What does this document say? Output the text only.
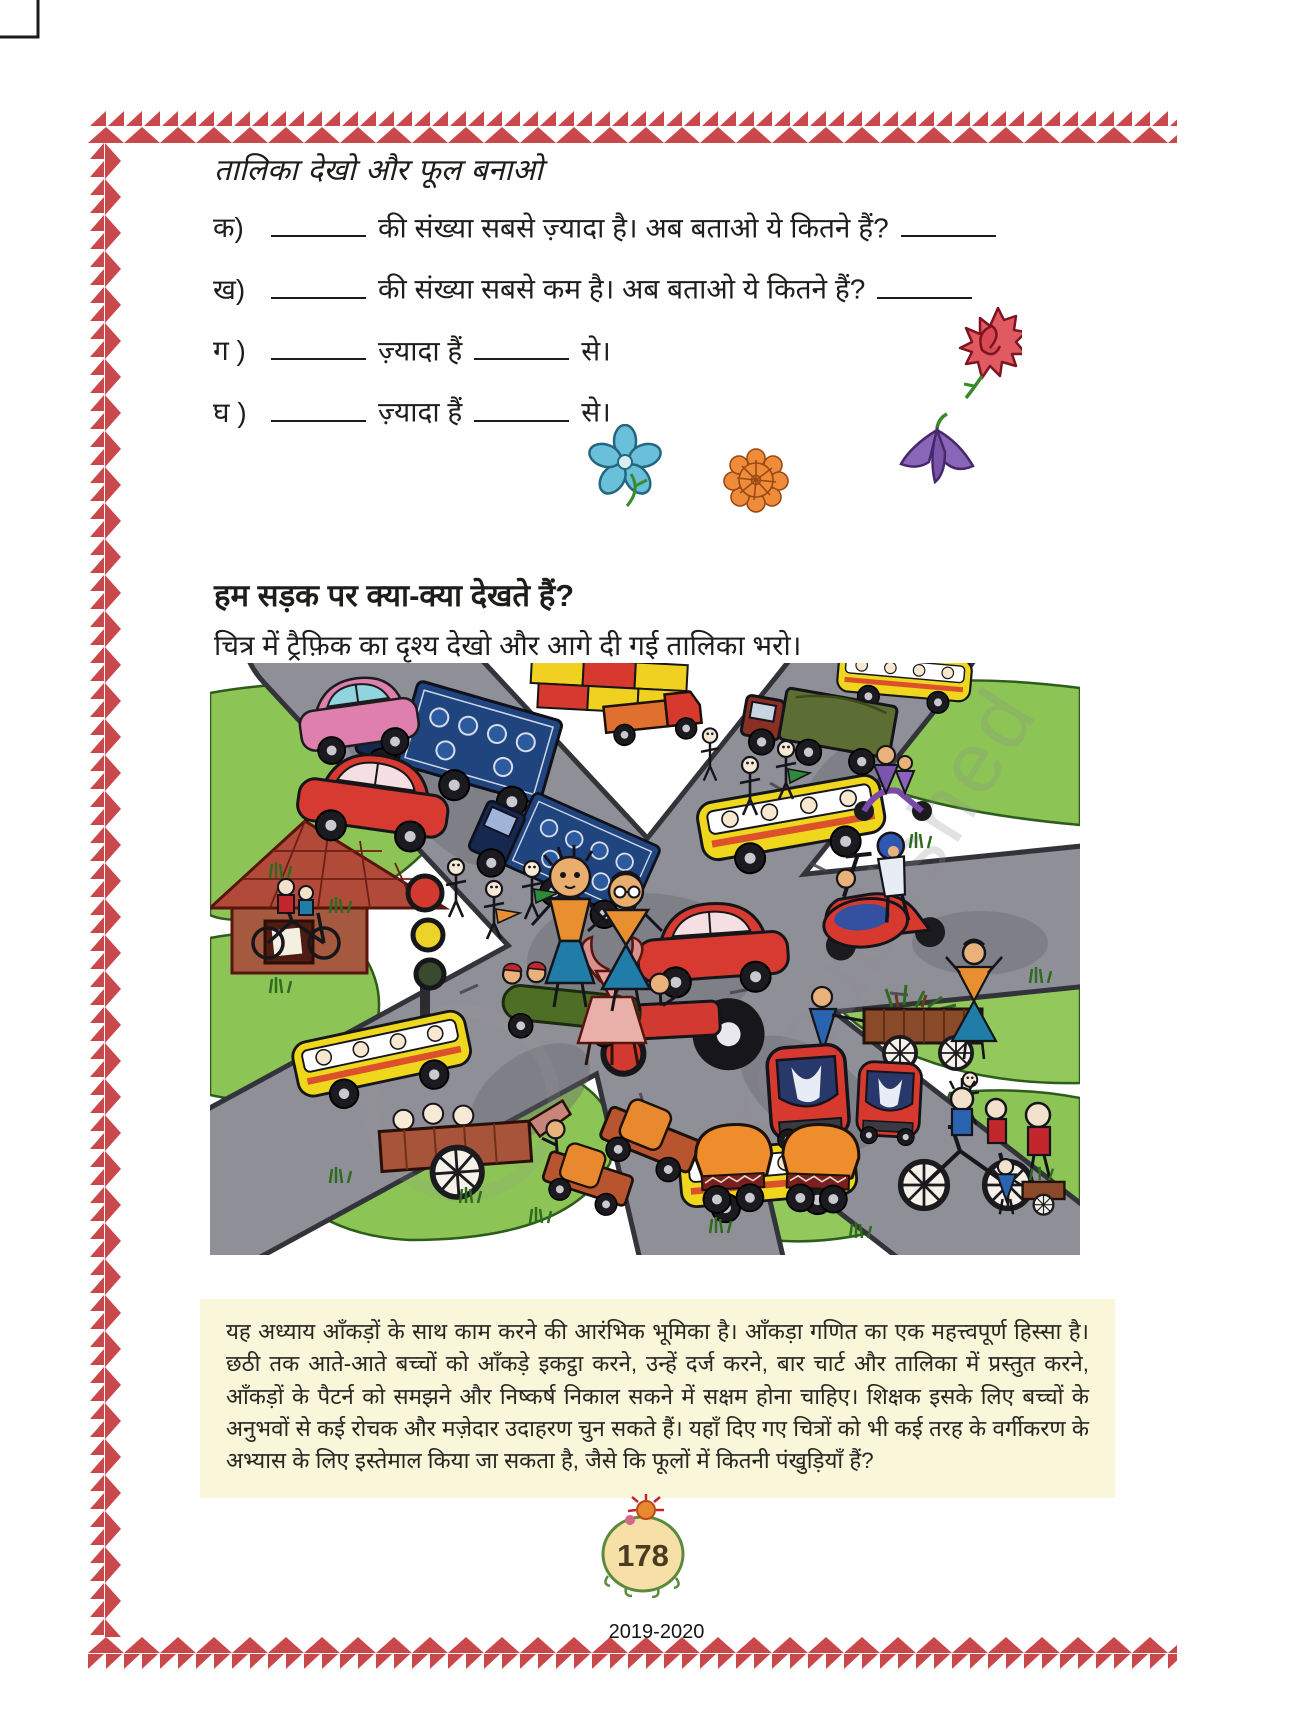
तालिका देखो और फूल बनाओ
क)	की संख्या सबसे ज़्यादा है। अब बताओ ये कितने हैं?
ख)	की संख्या सबसे कम है। अब बताओ ये कितने हैं?
ग )	ज़्यादा हैं	से।
घ )	ज़्यादा हैं	से।
हम सड़क पर क्या-क्या देखते हैं?
चित्र में ट्रैफ़िक का दृश्य देखो और आगे दी गई तालिका भरो।
यह अध्याय आँकड़ों के साथ काम करने की आरंभिक भूमिका है। आँकड़ा गणित का एक महत्त्वपूर्ण हिस्सा है। छठी तक आते-आते बच्चों को आँकड़े इकट्ठा करने, उन्हें दर्ज करने, बार चार्ट और तालिका में प्रस्तुत करने, आँकड़ों के पैटर्न को समझने और निष्कर्ष निकाल सकने में सक्षम होना चाहिए। शिक्षक इसके लिए बच्चों के अनुभवों से कई रोचक और मज़ेदार उदाहरण चुन सकते हैं। यहाँ दिए गए चित्रों को भी कई तरह के वर्गीकरण के अभ्यास के लिए इस्तेमाल किया जा सकता है, जैसे कि फूलों में कितनी पंखुड़ियाँ हैं?
178
2019-2020
